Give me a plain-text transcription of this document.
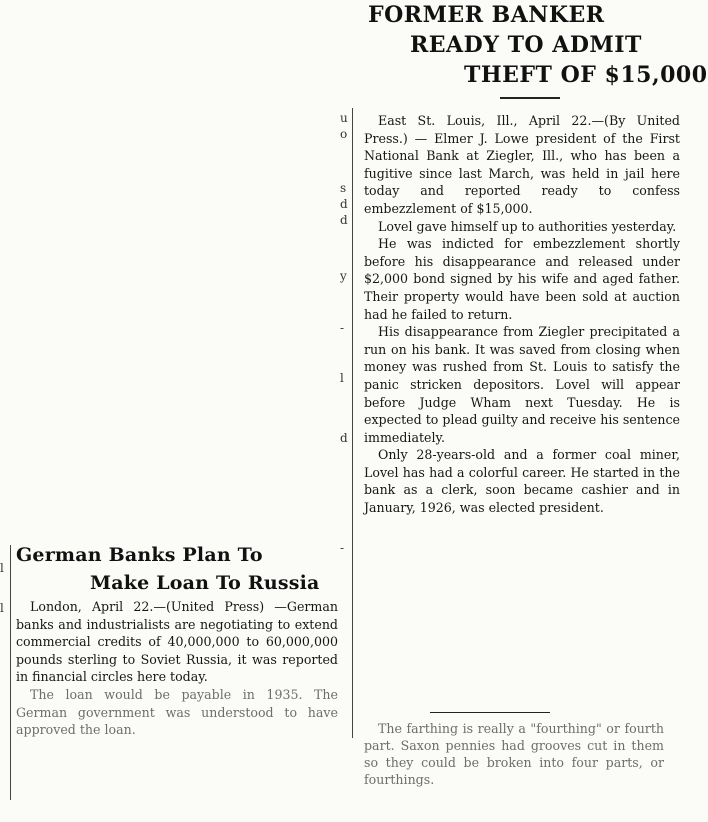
FORMER BANKER
READY TO ADMIT
THEFT OF $15,000
u
o
s
d
d
y
-
l
d
-
l
l

East St. Louis, Ill., April 22.—(By United Press.) — Elmer J. Lowe president of the First National Bank at Ziegler, Ill., who has been a fugitive since last March, was held in jail here today and reported ready to confess embezzlement of $15,000.

Lovel gave himself up to authorities yesterday.

He was indicted for embezzlement shortly before his disappearance and released under $2,000 bond signed by his wife and aged father. Their property would have been sold at auction had he failed to return.

His disappearance from Ziegler precipitated a run on his bank. It was saved from closing when money was rushed from St. Louis to satisfy the panic stricken depositors. Lovel will appear before Judge Wham next Tuesday. He is expected to plead guilty and receive his sentence immediately.

Only 28-years-old and a former coal miner, Lovel has had a colorful career. He started in the bank as a clerk, soon became cashier and in January, 1926, was elected president.

The farthing is really a "fourthing" or fourth part. Saxon pennies had grooves cut in them so they could be broken into four parts, or fourthings.

German Banks Plan To
Make Loan To Russia

London, April 22.—(United Press) —German banks and industrialists are negotiating to extend commercial credits of 40,000,000 to 60,000,000 pounds sterling to Soviet Russia, it was reported in financial circles here today.

The loan would be payable in 1935. The German government was understood to have approved the loan.
